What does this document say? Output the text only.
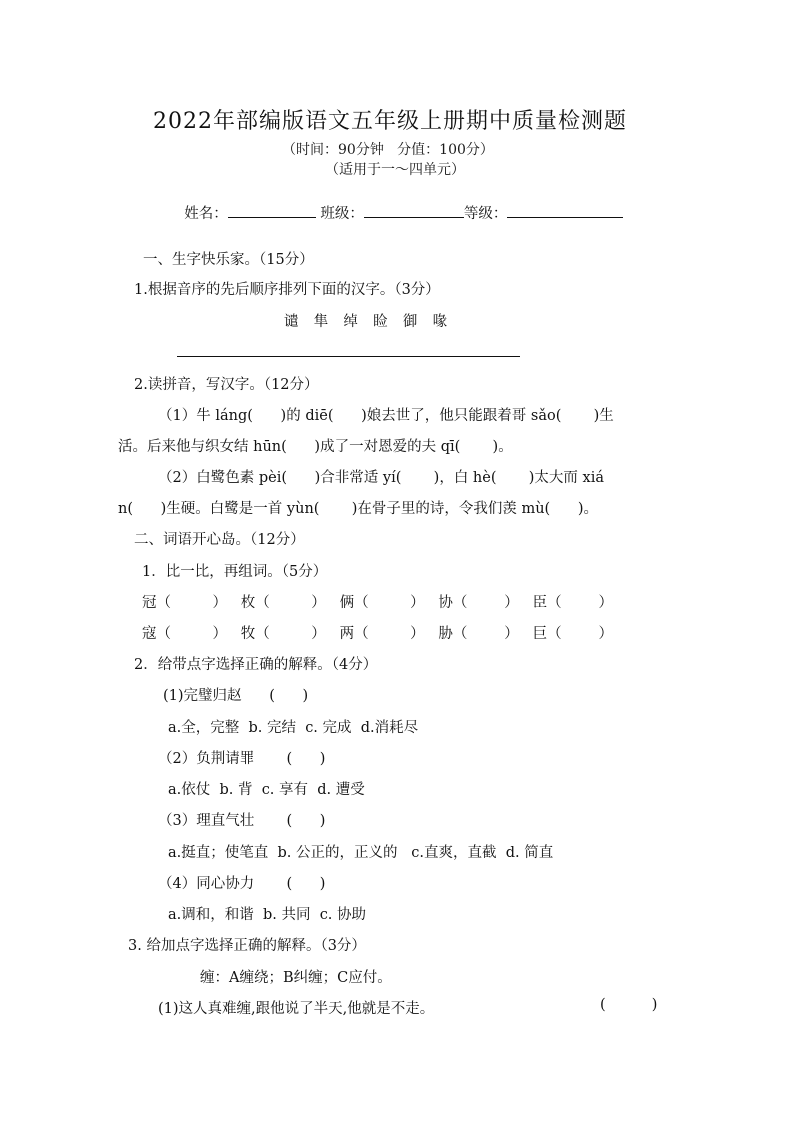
2022年部编版语文五年级上册期中质量检测题
（时间：90分钟   分值：100分）
（适用于一～四单元）

姓名：	班级：	等级：

一、生字快乐家。（15分）
1.根据音序的先后顺序排列下面的汉字。（3分）
谴  隼  绰  睑  御  喙
2.读拼音，写汉字。（12分）
（1）牛 láng(      )的 diē(      )娘去世了，他只能跟着哥 sǎo(       )生
活。后来他与织女结 hūn(      )成了一对恩爱的夫 qī(       )。
（2）白鹭色素 pèi(      )合非常适 yí(       )，白 hè(       )太大而 xiá
n(      )生硬。白鹭是一首 yùn(       )在骨子里的诗，令我们羡 mù(      )。
二、词语开心岛。（12分）
1．比一比，再组词。（5分）
冠（         ）   枚（         ）   俩（         ）   协（        ）   臣（        ）
寇（         ）   牧（         ）   两（         ）   胁（        ）   巨（        ）
2．给带点字选择正确的解释。（4分）
(1)完璧归赵      (      )
a.全，完整  b. 完结  c. 完成  d.消耗尽
（2）负荆请罪       (      )
a.依仗  b. 背  c. 享有  d. 遭受
（3）理直气壮       (      )
a.挺直；使笔直  b. 公正的，正义的   c.直爽，直截  d. 简直
（4）同心协力       (      )
a.调和，和谐  b. 共同  c. 协助
3. 给加点字选择正确的解释。（3分）
缠：A缠绕；B纠缠；C应付。
(1)这人真难缠,跟他说了半天,他就是不走。	(          )
